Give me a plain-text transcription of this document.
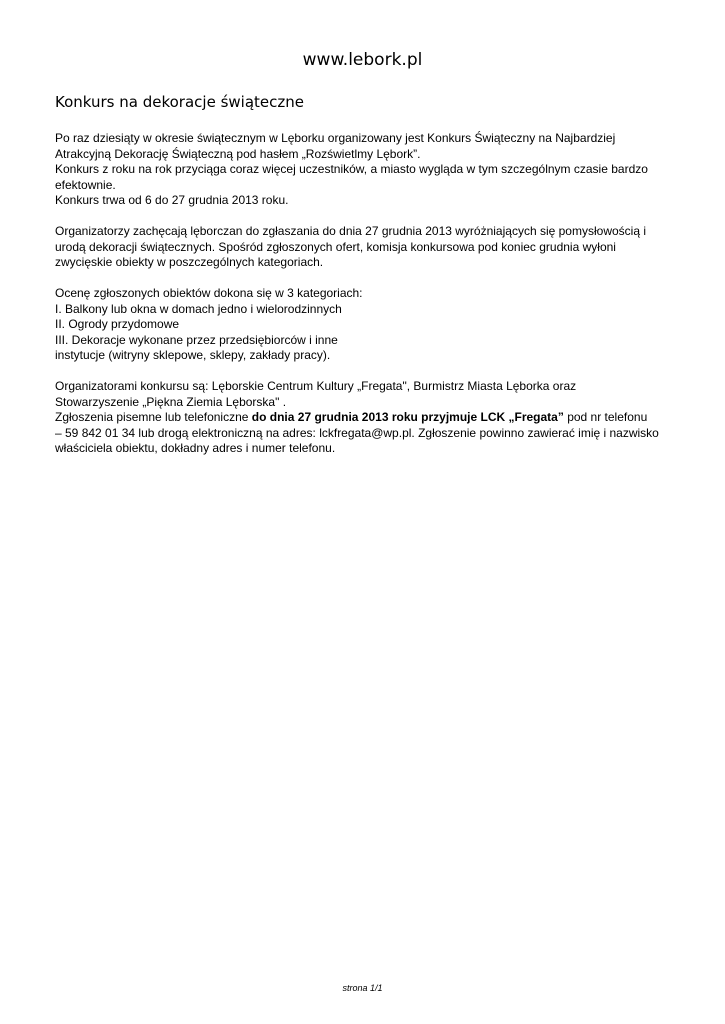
www.lebork.pl
Konkurs na dekoracje świąteczne

Po raz dziesiąty w okresie świątecznym w Lęborku organizowany jest Konkurs Świąteczny na Najbardziej

Atrakcyjną Dekorację Świąteczną pod hasłem „Rozświetlmy Lębork”.

Konkurs z roku na rok przyciąga coraz więcej uczestników, a miasto wygląda w tym szczególnym czasie bardzo

efektownie.

Konkurs trwa od 6 do 27 grudnia 2013 roku.

Organizatorzy zachęcają lęborczan do zgłaszania do dnia 27 grudnia 2013 wyróżniających się pomysłowością i

urodą dekoracji świątecznych. Spośród zgłoszonych ofert, komisja konkursowa pod koniec grudnia wyłoni

zwycięskie obiekty w poszczególnych kategoriach.

Ocenę zgłoszonych obiektów dokona się w 3 kategoriach:

I. Balkony lub okna w domach jedno i wielorodzinnych

II. Ogrody przydomowe

III. Dekoracje wykonane przez przedsiębiorców i inne

instytucje (witryny sklepowe, sklepy, zakłady pracy).

Organizatorami konkursu są: Lęborskie Centrum Kultury „Fregata", Burmistrz Miasta Lęborka oraz

Stowarzyszenie „Piękna Ziemia Lęborska" .

Zgłoszenia pisemne lub telefoniczne do dnia 27 grudnia 2013 roku przyjmuje LCK „Fregata” pod nr telefonu

– 59 842 01 34 lub drogą elektroniczną na adres: lckfregata@wp.pl. Zgłoszenie powinno zawierać imię i nazwisko

właściciela obiektu, dokładny adres i numer telefonu.

strona 1/1
